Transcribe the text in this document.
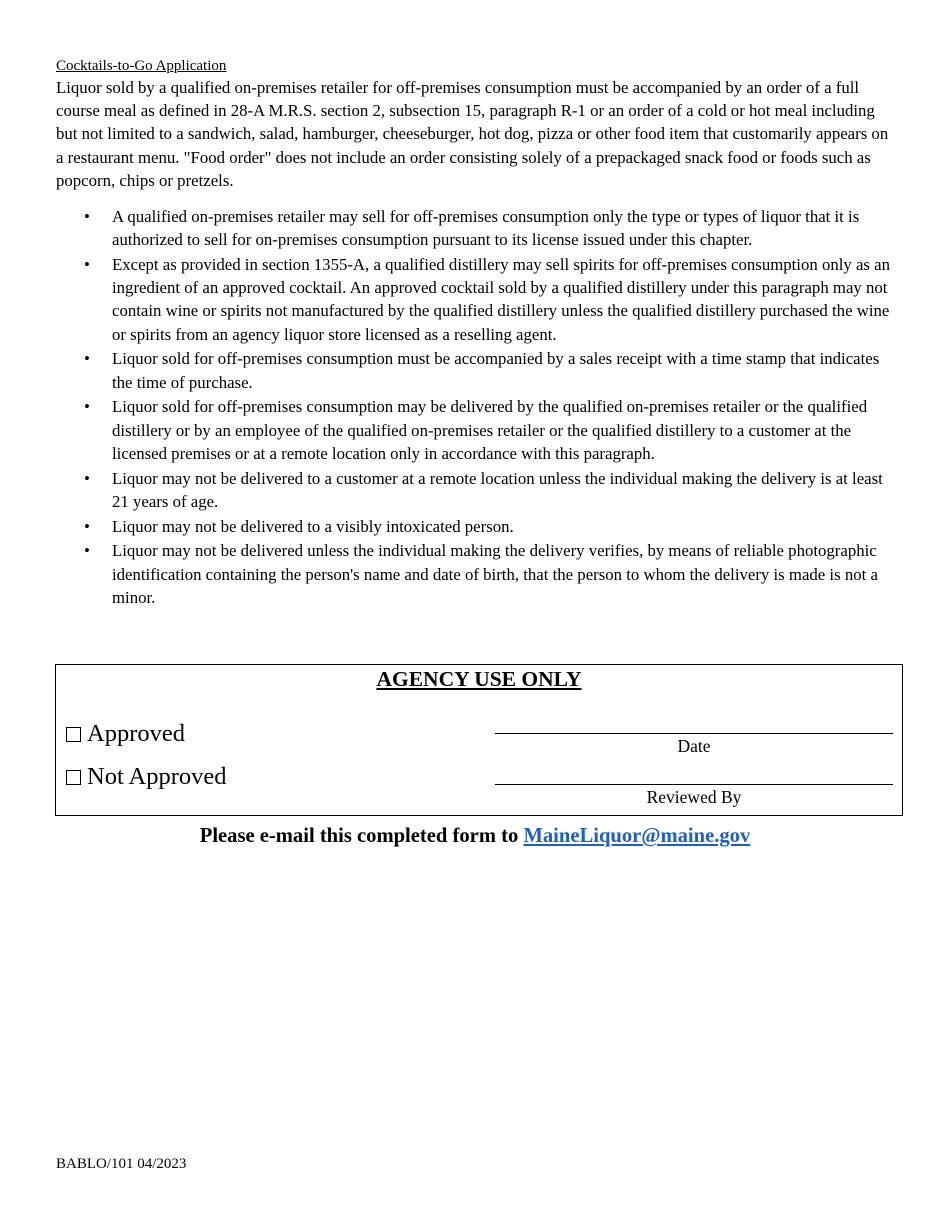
Cocktails-to-Go Application

Liquor sold by a qualified on-premises retailer for off-premises consumption must be accompanied by an order of a full course meal as defined in 28-A M.R.S. section 2, subsection 15, paragraph R-1 or an order of a cold or hot meal including but not limited to a sandwich, salad, hamburger, cheeseburger, hot dog, pizza or other food item that customarily appears on a restaurant menu. "Food order" does not include an order consisting solely of a prepackaged snack food or foods such as popcorn, chips or pretzels.

• A qualified on-premises retailer may sell for off-premises consumption only the type or types of liquor that it is authorized to sell for on-premises consumption pursuant to its license issued under this chapter.
• Except as provided in section 1355-A, a qualified distillery may sell spirits for off-premises consumption only as an ingredient of an approved cocktail. An approved cocktail sold by a qualified distillery under this paragraph may not contain wine or spirits not manufactured by the qualified distillery unless the qualified distillery purchased the wine or spirits from an agency liquor store licensed as a reselling agent.
• Liquor sold for off-premises consumption must be accompanied by a sales receipt with a time stamp that indicates the time of purchase.
• Liquor sold for off-premises consumption may be delivered by the qualified on-premises retailer or the qualified distillery or by an employee of the qualified on-premises retailer or the qualified distillery to a customer at the licensed premises or at a remote location only in accordance with this paragraph.
• Liquor may not be delivered to a customer at a remote location unless the individual making the delivery is at least 21 years of age.
• Liquor may not be delivered to a visibly intoxicated person.
• Liquor may not be delivered unless the individual making the delivery verifies, by means of reliable photographic identification containing the person's name and date of birth, that the person to whom the delivery is made is not a minor.
AGENCY USE ONLY
Approved
Not Approved
Date
Reviewed By
Please e-mail this completed form to MaineLiquor@maine.gov
BABLO/101 04/2023
